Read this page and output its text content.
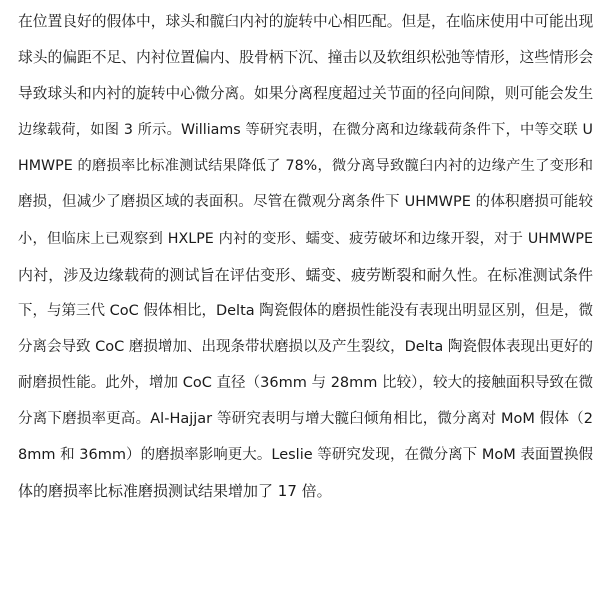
在位置良好的假体中，球头和髋臼内衬的旋转中心相匹配。但是，在临床使用中可能出现
球头的偏距不足、内衬位置偏内、股骨柄下沉、撞击以及软组织松弛等情形，这些情形会
导致球头和内衬的旋转中心微分离。如果分离程度超过关节面的径向间隙，则可能会发生
边缘载荷，如图 3 所示。Williams 等研究表明，在微分离和边缘载荷条件下，中等交联 U
HMWPE 的磨损率比标准测试结果降低了 78%，微分离导致髋臼内衬的边缘产生了变形和
磨损，但减少了磨损区域的表面积。尽管在微观分离条件下 UHMWPE 的体积磨损可能较
小，但临床上已观察到 HXLPE 内衬的变形、蠕变、疲劳破坏和边缘开裂，对于 UHMWPE
内衬，涉及边缘载荷的测试旨在评估变形、蠕变、疲劳断裂和耐久性。在标准测试条件
下，与第三代 CoC 假体相比，Delta 陶瓷假体的磨损性能没有表现出明显区别，但是，微
分离会导致 CoC 磨损增加、出现条带状磨损以及产生裂纹，Delta 陶瓷假体表现出更好的
耐磨损性能。此外，增加 CoC 直径（36mm 与 28mm 比较），较大的接触面积导致在微
分离下磨损率更高。Al-Hajjar 等研究表明与增大髋臼倾角相比，微分离对 MoM 假体（2
8mm 和 36mm）的磨损率影响更大。Leslie 等研究发现，在微分离下 MoM 表面置换假
体的磨损率比标准磨损测试结果增加了 17 倍。
